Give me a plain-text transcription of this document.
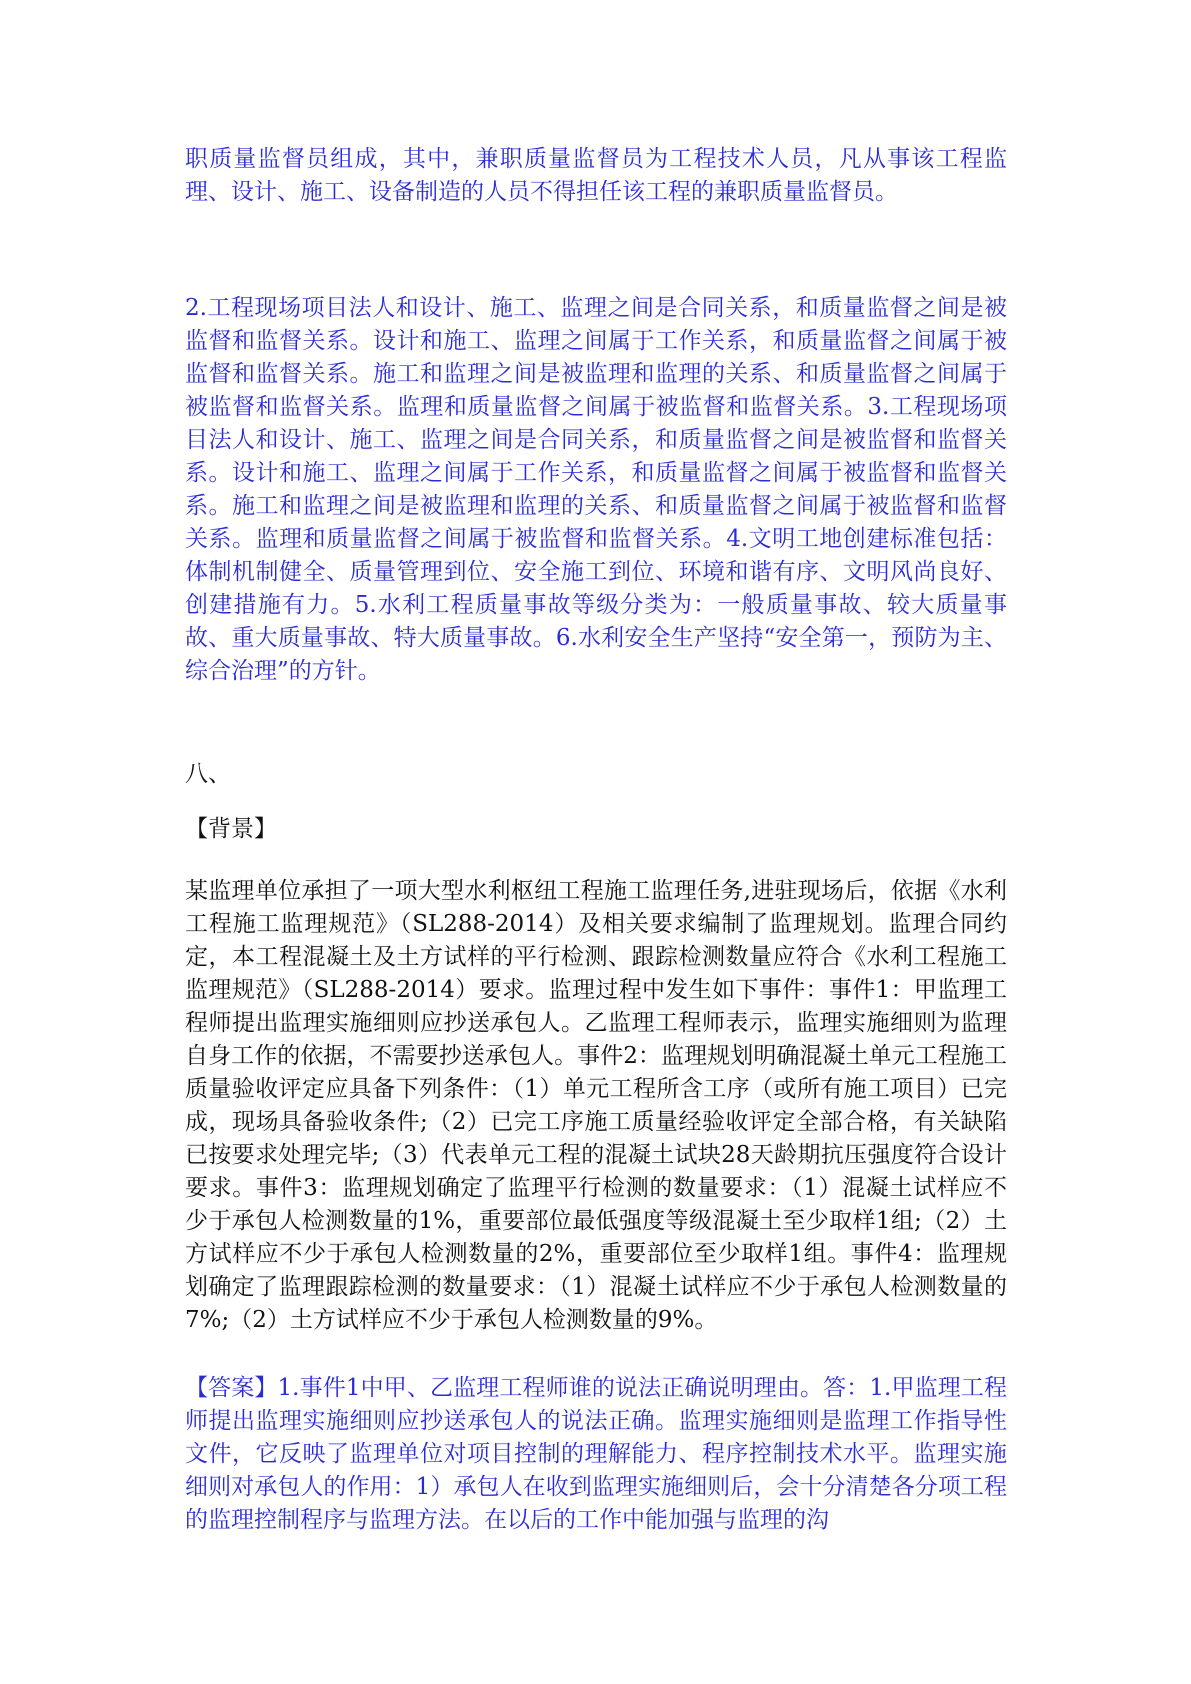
职质量监督员组成，其中，兼职质量监督员为工程技术人员，凡从事该工程监理、设计、施工、设备制造的人员不得担任该工程的兼职质量监督员。

2.工程现场项目法人和设计、施工、监理之间是合同关系，和质量监督之间是被监督和监督关系。设计和施工、监理之间属于工作关系，和质量监督之间属于被监督和监督关系。施工和监理之间是被监理和监理的关系、和质量监督之间属于被监督和监督关系。监理和质量监督之间属于被监督和监督关系。3.工程现场项目法人和设计、施工、监理之间是合同关系，和质量监督之间是被监督和监督关系。设计和施工、监理之间属于工作关系，和质量监督之间属于被监督和监督关系。施工和监理之间是被监理和监理的关系、和质量监督之间属于被监督和监督关系。监理和质量监督之间属于被监督和监督关系。4.文明工地创建标准包括：体制机制健全、质量管理到位、安全施工到位、环境和谐有序、文明风尚良好、创建措施有力。5.水利工程质量事故等级分类为：一般质量事故、较大质量事故、重大质量事故、特大质量事故。6.水利安全生产坚持“安全第一，预防为主、综合治理”的方针。

八、

【背景】

某监理单位承担了一项大型水利枢纽工程施工监理任务,进驻现场后，依据《水利工程施工监理规范》（SL288-2014）及相关要求编制了监理规划。监理合同约定，本工程混凝土及土方试样的平行检测、跟踪检测数量应符合《水利工程施工监理规范》（SL288-2014）要求。监理过程中发生如下事件：事件1：甲监理工程师提出监理实施细则应抄送承包人。乙监理工程师表示，监理实施细则为监理自身工作的依据，不需要抄送承包人。事件2：监理规划明确混凝土单元工程施工质量验收评定应具备下列条件：（1）单元工程所含工序（或所有施工项目）已完成，现场具备验收条件;（2）已完工序施工质量经验收评定全部合格，有关缺陷已按要求处理完毕;（3）代表单元工程的混凝土试块28天龄期抗压强度符合设计要求。事件3：监理规划确定了监理平行检测的数量要求：（1）混凝土试样应不少于承包人检测数量的1%，重要部位最低强度等级混凝土至少取样1组;（2）土方试样应不少于承包人检测数量的2%，重要部位至少取样1组。事件4：监理规划确定了监理跟踪检测的数量要求：（1）混凝土试样应不少于承包人检测数量的7%;（2）土方试样应不少于承包人检测数量的9%。

【答案】1.事件1中甲、乙监理工程师谁的说法正确说明理由。答：1.甲监理工程师提出监理实施细则应抄送承包人的说法正确。监理实施细则是监理工作指导性文件，它反映了监理单位对项目控制的理解能力、程序控制技术水平。监理实施细则对承包人的作用：1）承包人在收到监理实施细则后，会十分清楚各分项工程的监理控制程序与监理方法。在以后的工作中能加强与监理的沟
